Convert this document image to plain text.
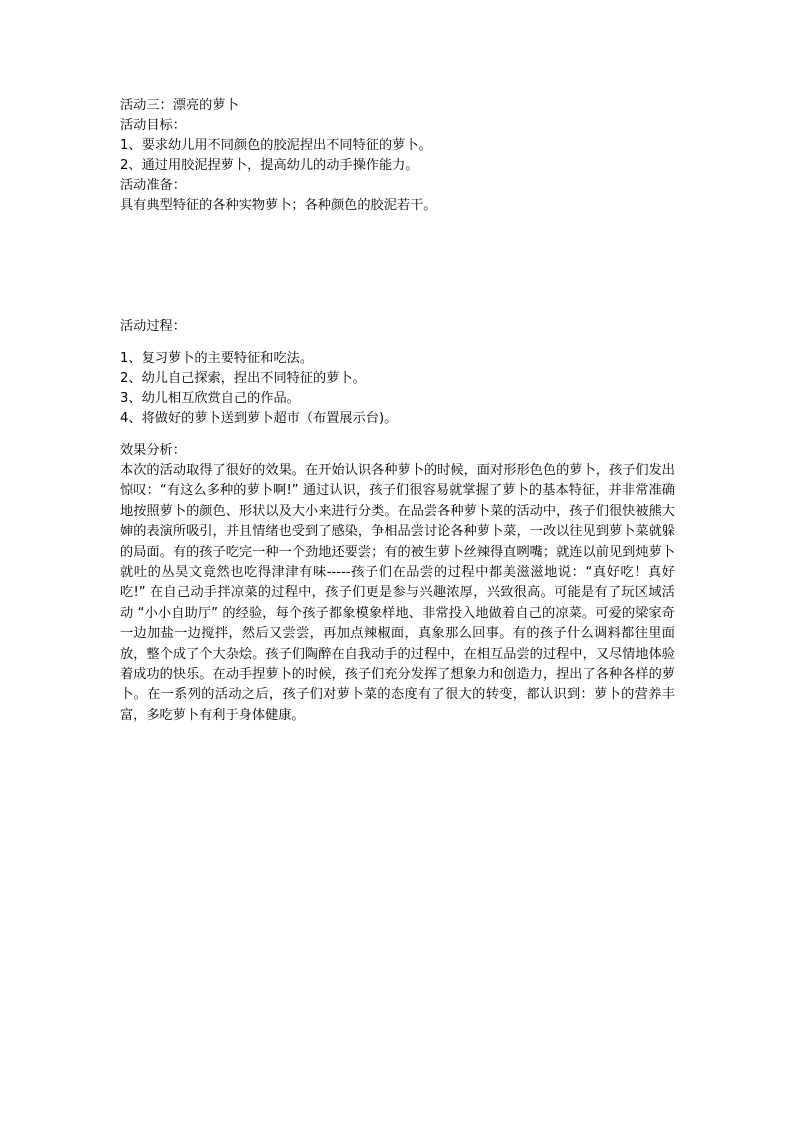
活动三：漂亮的萝卜

活动目标：

1、要求幼儿用不同颜色的胶泥捏出不同特征的萝卜。

2、通过用胶泥捏萝卜，提高幼儿的动手操作能力。

活动准备：

具有典型特征的各种实物萝卜；各种颜色的胶泥若干。

活动过程：

1、复习萝卜的主要特征和吃法。

2、幼儿自己探索，捏出不同特征的萝卜。

3、幼儿相互欣赏自己的作品。

4、将做好的萝卜送到萝卜超市（布置展示台)。

效果分析：

本次的活动取得了很好的效果。在开始认识各种萝卜的时候，面对形形色色的萝卜，孩子们发出惊叹：“有这么多种的萝卜啊!” 通过认识，孩子们很容易就掌握了萝卜的基本特征，并非常准确地按照萝卜的颜色、形状以及大小来进行分类。在品尝各种萝卜菜的活动中，孩子们很快被熊大婶的表演所吸引，并且情绪也受到了感染，争相品尝讨论各种萝卜菜，一改以往见到萝卜菜就躲的局面。有的孩子吃完一种一个劲地还要尝；有的被生萝卜丝辣得直咧嘴；就连以前见到炖萝卜就吐的丛昊文竟然也吃得津津有味-----孩子们在品尝的过程中都美滋滋地说：“真好吃！真好吃!” 在自己动手拌凉菜的过程中，孩子们更是参与兴趣浓厚，兴致很高。可能是有了玩区域活动 “小小自助厅” 的经验，每个孩子都象模象样地、非常投入地做着自己的凉菜。可爱的梁家奇一边加盐一边搅拌，然后又尝尝，再加点辣椒面，真象那么回事。有的孩子什么调料都往里面放，整个成了个大杂烩。孩子们陶醉在自我动手的过程中，在相互品尝的过程中，又尽情地体验着成功的快乐。在动手捏萝卜的时候，孩子们充分发挥了想象力和创造力，捏出了各种各样的萝卜。在一系列的活动之后，孩子们对萝卜菜的态度有了很大的转变，都认识到：萝卜的营养丰富，多吃萝卜有利于身体健康。
